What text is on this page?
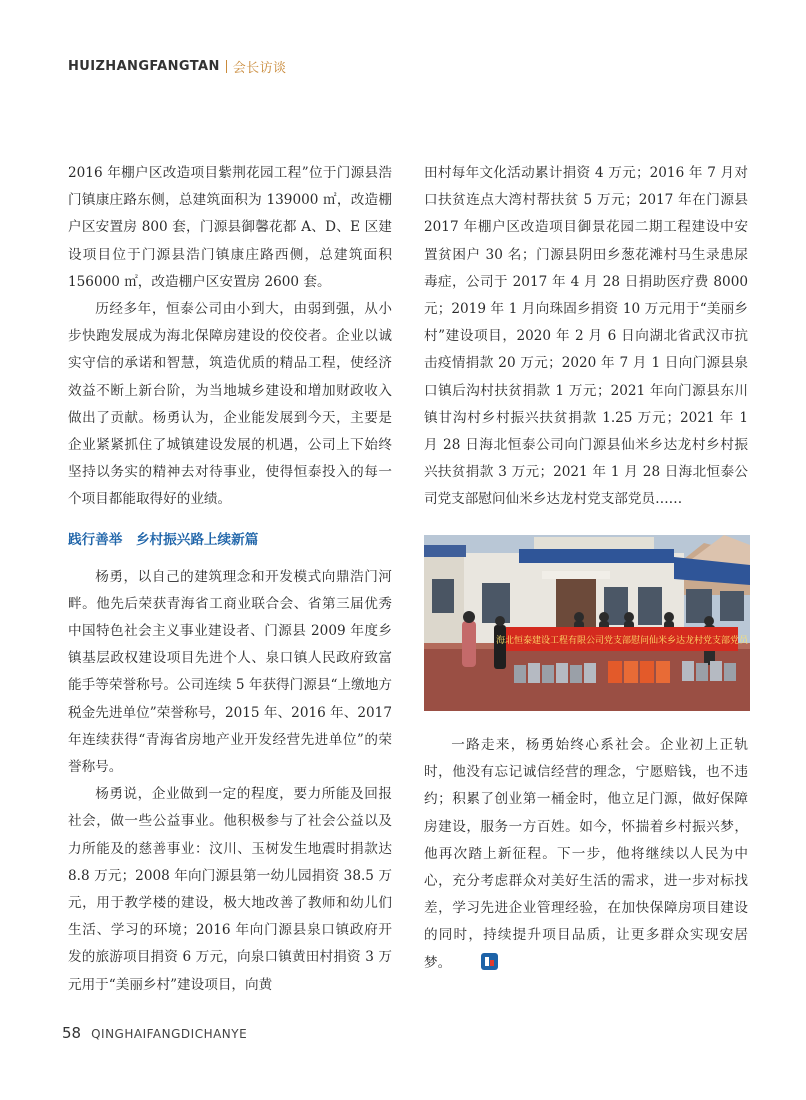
HUIZHANGFANGTAN 会长访谈

2016 年棚户区改造项目紫荆花园工程”位于门源县浩门镇康庄路东侧，总建筑面积为 139000 ㎡，改造棚户区安置房 800 套，门源县御馨花都 A、D、E 区建设项目位于门源县浩门镇康庄路西侧，总建筑面积 156000 ㎡，改造棚户区安置房 2600 套。

历经多年，恒泰公司由小到大，由弱到强，从小步快跑发展成为海北保障房建设的佼佼者。企业以诚实守信的承诺和智慧，筑造优质的精品工程，使经济效益不断上新台阶，为当地城乡建设和增加财政收入做出了贡献。杨勇认为，企业能发展到今天，主要是企业紧紧抓住了城镇建设发展的机遇，公司上下始终坚持以务实的精神去对待事业，使得恒泰投入的每一个项目都能取得好的业绩。

践行善举　乡村振兴路上续新篇

杨勇，以自己的建筑理念和开发模式向鼎浩门河畔。他先后荣获青海省工商业联合会、省第三届优秀中国特色社会主义事业建设者、门源县 2009 年度乡镇基层政权建设项目先进个人、泉口镇人民政府致富能手等荣誉称号。公司连续 5 年获得门源县“上缴地方税金先进单位”荣誉称号，2015 年、2016 年、2017 年连续获得“青海省房地产业开发经营先进单位”的荣誉称号。

杨勇说，企业做到一定的程度，要力所能及回报社会，做一些公益事业。他积极参与了社会公益以及力所能及的慈善事业：汶川、玉树发生地震时捐款达 8.8 万元；2008 年向门源县第一幼儿园捐资 38.5 万元，用于教学楼的建设，极大地改善了教师和幼儿们生活、学习的环境；2016 年向门源县泉口镇政府开发的旅游项目捐资 6 万元，向泉口镇黄田村捐资 3 万元用于“美丽乡村”建设项目，向黄

田村每年文化活动累计捐资 4 万元；2016 年 7 月对口扶贫连点大湾村帮扶贫 5 万元；2017 年在门源县 2017 年棚户区改造项目御景花园二期工程建设中安置贫困户 30 名；门源县阴田乡葱花滩村马生录患尿毒症，公司于 2017 年 4 月 28 日捐助医疗费 8000 元；2019 年 1 月向珠固乡捐资 10 万元用于“美丽乡村”建设项目，2020 年 2 月 6 日向湖北省武汉市抗击疫情捐款 20 万元；2020 年 7 月 1 日向门源县泉口镇后沟村扶贫捐款 1 万元；2021 年向门源县东川镇甘沟村乡村振兴扶贫捐款 1.25 万元；2021 年 1 月 28 日海北恒泰公司向门源县仙米乡达龙村乡村振兴扶贫捐款 3 万元；2021 年 1 月 28 日海北恒泰公司党支部慰问仙米乡达龙村党支部党员……

海北恒泰建设工程有限公司党支部慰问仙米乡达龙村党支部党员

一路走来，杨勇始终心系社会。企业初上正轨时，他没有忘记诚信经营的理念，宁愿赔钱，也不违约；积累了创业第一桶金时，他立足门源，做好保障房建设，服务一方百姓。如今，怀揣着乡村振兴梦，他再次踏上新征程。下一步，他将继续以人民为中心，充分考虑群众对美好生活的需求，进一步对标找差，学习先进企业管理经验，在加快保障房项目建设的同时，持续提升项目品质，让更多群众实现安居梦。

58 QINGHAIFANGDICHANYE
